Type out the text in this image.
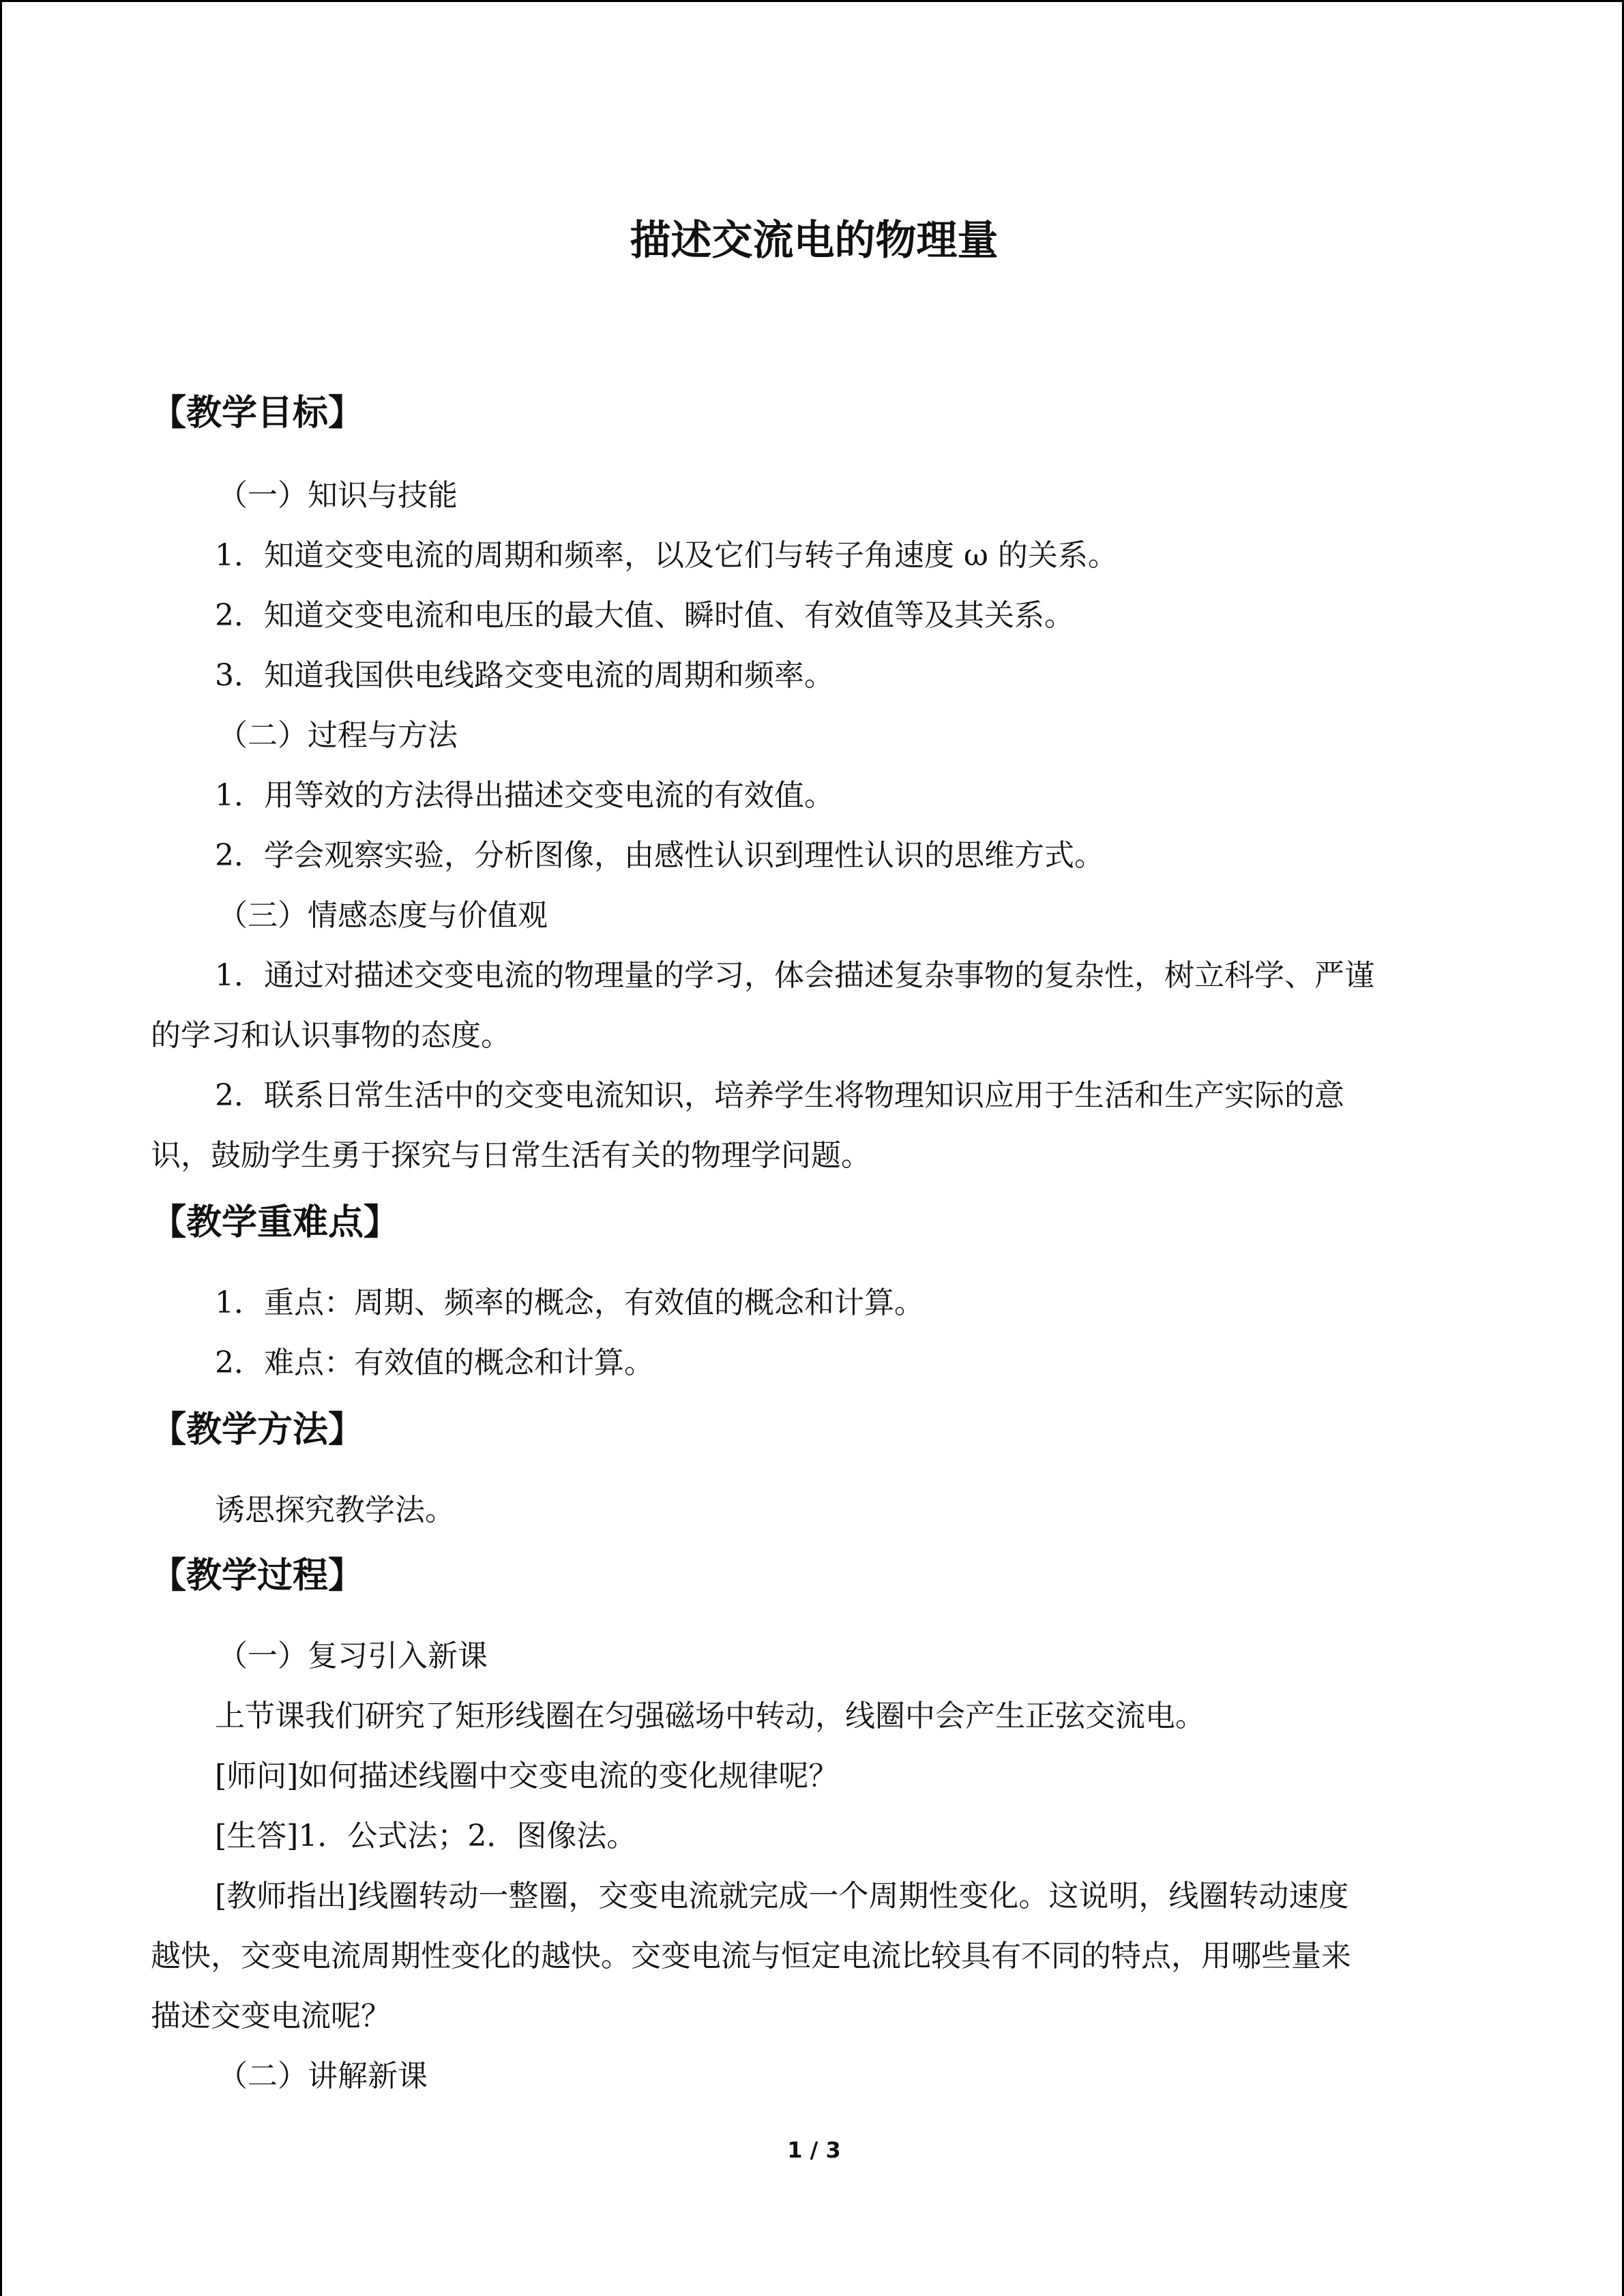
描述交流电的物理量
【教学目标】
（一）知识与技能
1．知道交变电流的周期和频率，以及它们与转子角速度 ω 的关系。
2．知道交变电流和电压的最大值、瞬时值、有效值等及其关系。
3．知道我国供电线路交变电流的周期和频率。
（二）过程与方法
1．用等效的方法得出描述交变电流的有效值。
2．学会观察实验，分析图像，由感性认识到理性认识的思维方式。
（三）情感态度与价值观
1．通过对描述交变电流的物理量的学习，体会描述复杂事物的复杂性，树立科学、严谨
的学习和认识事物的态度。
2．联系日常生活中的交变电流知识，培养学生将物理知识应用于生活和生产实际的意
识，鼓励学生勇于探究与日常生活有关的物理学问题。
【教学重难点】
1．重点：周期、频率的概念，有效值的概念和计算。
2．难点：有效值的概念和计算。
【教学方法】
诱思探究教学法。
【教学过程】
（一）复习引入新课
上节课我们研究了矩形线圈在匀强磁场中转动，线圈中会产生正弦交流电。
[师问]如何描述线圈中交变电流的变化规律呢？
[生答]1．公式法；2．图像法。
[教师指出]线圈转动一整圈，交变电流就完成一个周期性变化。这说明，线圈转动速度
越快，交变电流周期性变化的越快。交变电流与恒定电流比较具有不同的特点，用哪些量来
描述交变电流呢？
（二）讲解新课
1 / 3
